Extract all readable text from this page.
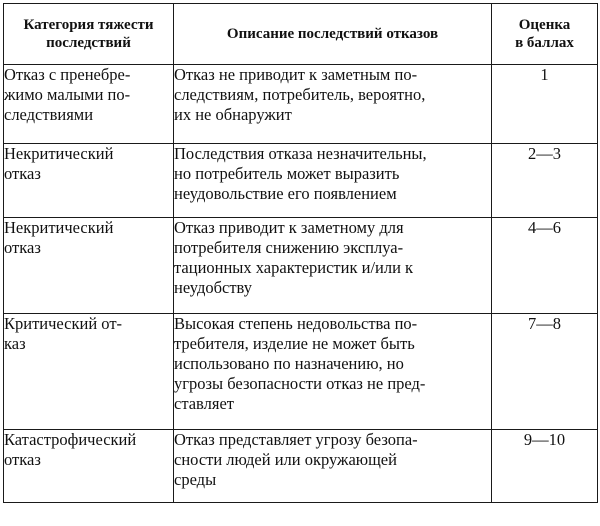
Категория тяжести
последствий	Описание последствий отказов	Оценка
в баллах

Отказ с пренебре-
жимо малыми по-
следствиями	Отказ не приводит к заметным по-
следствиям, потребитель, вероятно,
их не обнаружит	1

Некритический
отказ	Последствия отказа незначительны,
но потребитель может выразить
неудовольствие его появлением	2—3

Некритический
отказ	Отказ приводит к заметному для
потребителя снижению эксплуа-
тационных характеристик и/или к
неудобству	4—6

Критический от-
каз	Высокая степень недовольства по-
требителя, изделие не может быть
использовано по назначению, но
угрозы безопасности отказ не пред-
ставляет	7—8

Катастрофический
отказ	Отказ представляет угрозу безопа-
сности людей или окружающей
среды	9—10
